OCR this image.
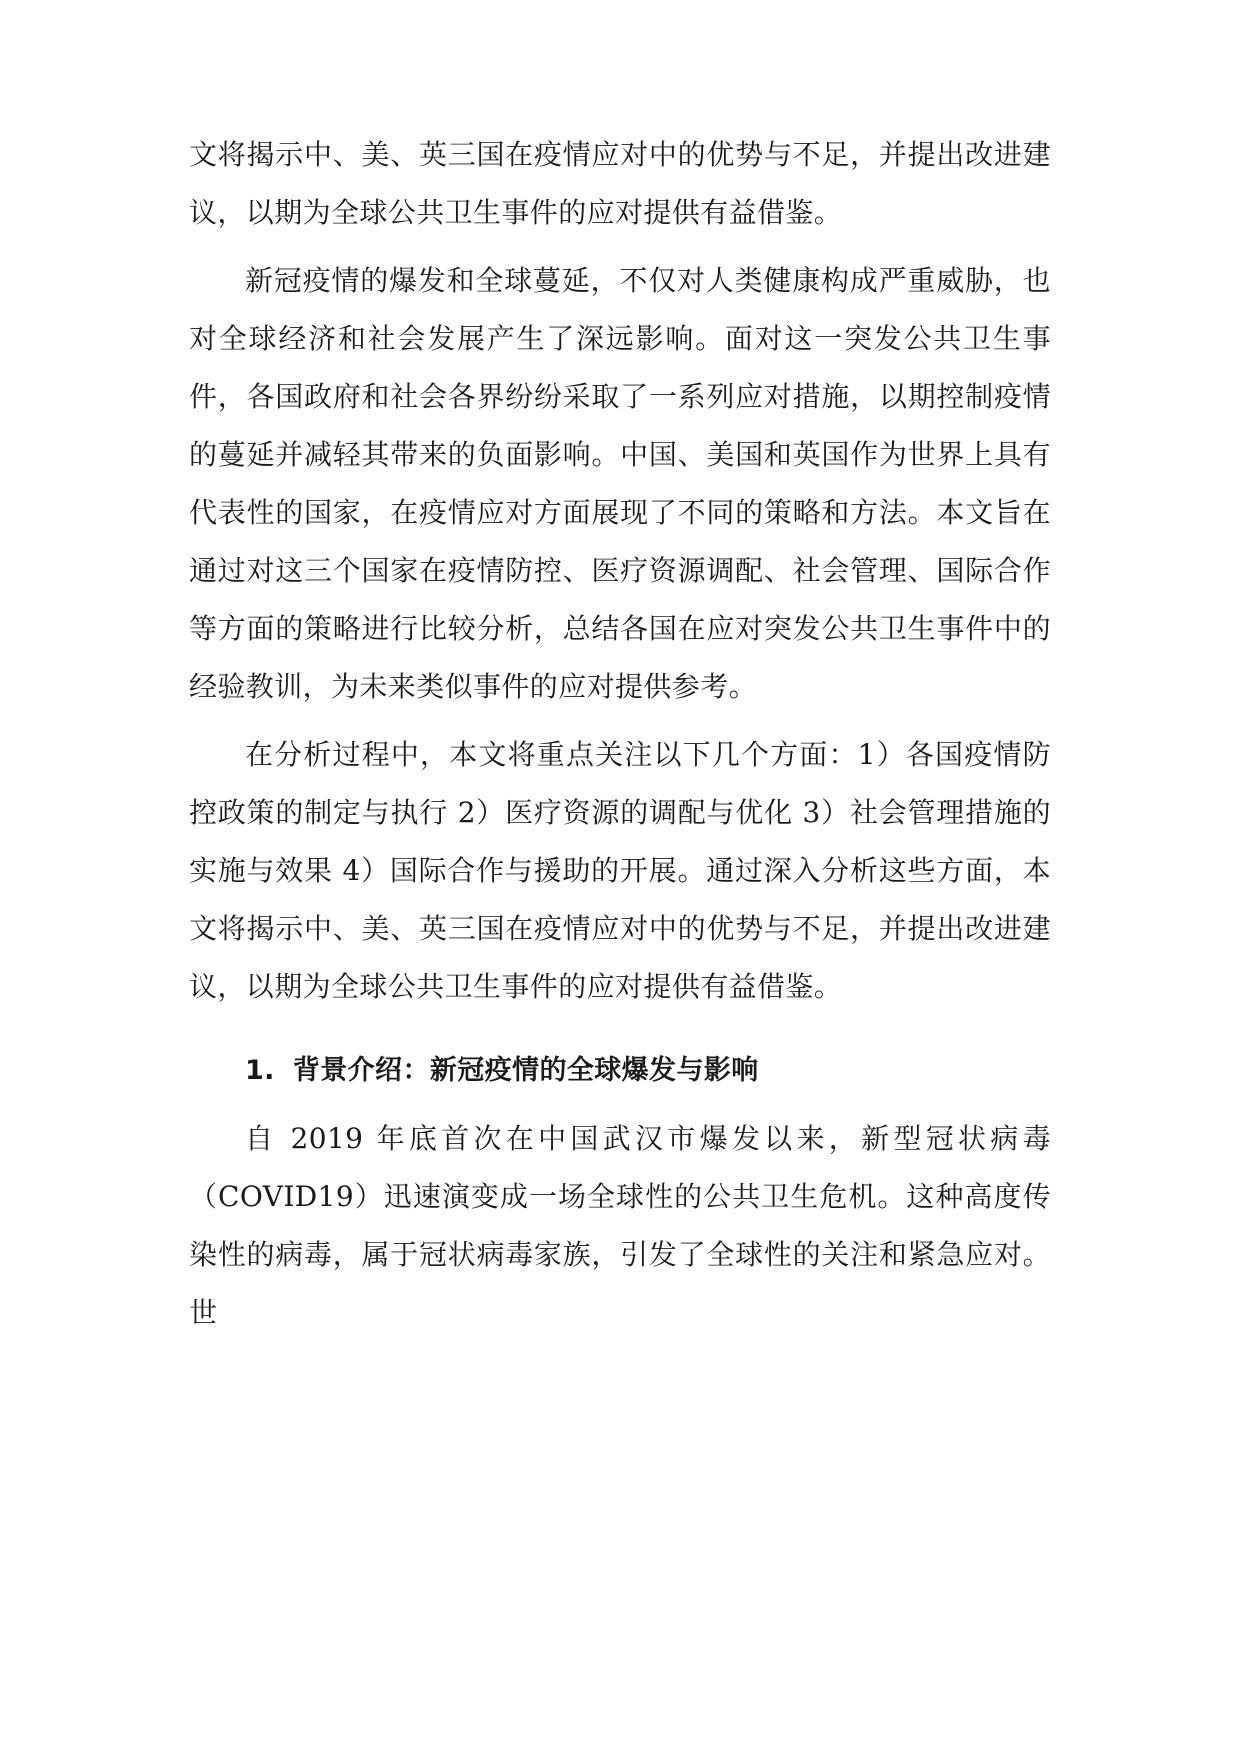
文将揭示中、美、英三国在疫情应对中的优势与不足，并提出改进建议，以期为全球公共卫生事件的应对提供有益借鉴。

新冠疫情的爆发和全球蔓延，不仅对人类健康构成严重威胁，也对全球经济和社会发展产生了深远影响。面对这一突发公共卫生事件，各国政府和社会各界纷纷采取了一系列应对措施，以期控制疫情的蔓延并减轻其带来的负面影响。中国、美国和英国作为世界上具有代表性的国家，在疫情应对方面展现了不同的策略和方法。本文旨在通过对这三个国家在疫情防控、医疗资源调配、社会管理、国际合作等方面的策略进行比较分析，总结各国在应对突发公共卫生事件中的经验教训，为未来类似事件的应对提供参考。

在分析过程中，本文将重点关注以下几个方面：1）各国疫情防控政策的制定与执行 2）医疗资源的调配与优化 3）社会管理措施的实施与效果 4）国际合作与援助的开展。通过深入分析这些方面，本文将揭示中、美、英三国在疫情应对中的优势与不足，并提出改进建议，以期为全球公共卫生事件的应对提供有益借鉴。

1. 背景介绍：新冠疫情的全球爆发与影响

自 2019 年底首次在中国武汉市爆发以来，新型冠状病毒（COVID19）迅速演变成一场全球性的公共卫生危机。这种高度传染性的病毒，属于冠状病毒家族，引发了全球性的关注和紧急应对。世
